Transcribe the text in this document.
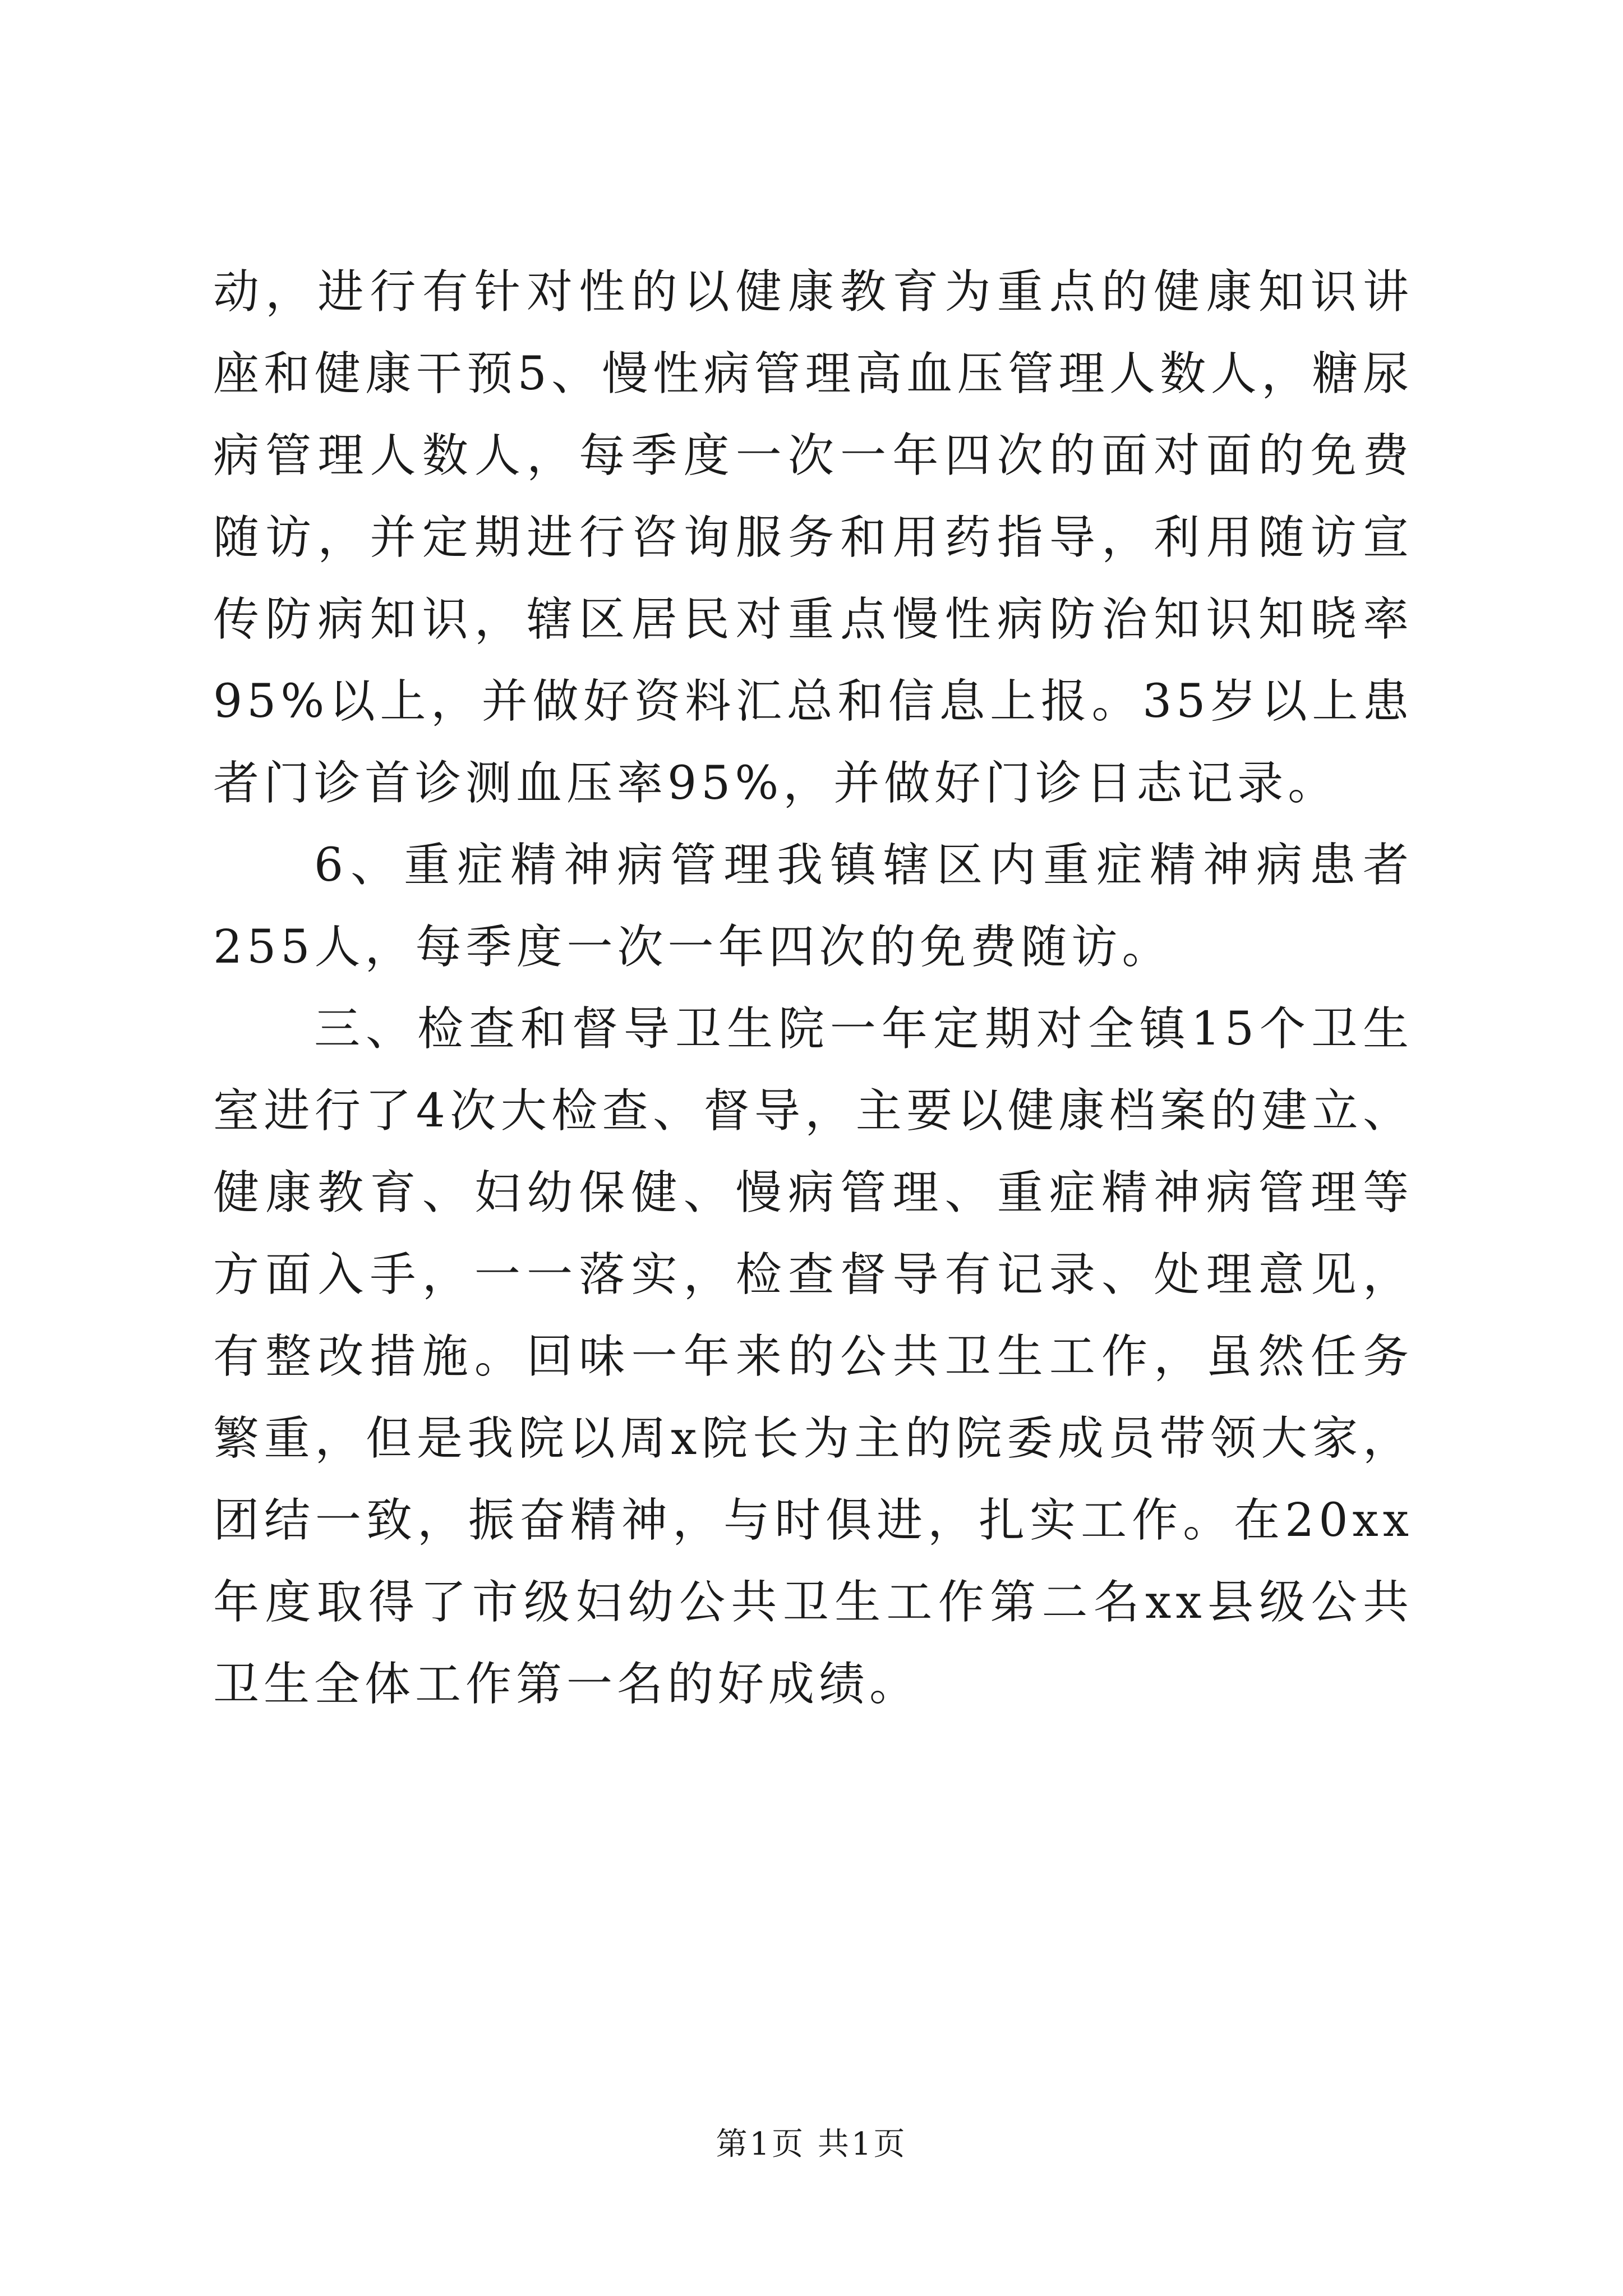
动，进行有针对性的以健康教育为重点的健康知识讲座和健康干预5、慢性病管理高血压管理人数人，糖尿病管理人数人，每季度一次一年四次的面对面的免费随访，并定期进行咨询服务和用药指导，利用随访宣传防病知识，辖区居民对重点慢性病防治知识知晓率95%以上，并做好资料汇总和信息上报。35岁以上患者门诊首诊测血压率95%，并做好门诊日志记录。

6、重症精神病管理我镇辖区内重症精神病患者255人，每季度一次一年四次的免费随访。

三、检查和督导卫生院一年定期对全镇15个卫生室进行了4次大检查、督导，主要以健康档案的建立、健康教育、妇幼保健、慢病管理、重症精神病管理等方面入手，一一落实，检查督导有记录、处理意见，有整改措施。回味一年来的公共卫生工作，虽然任务繁重，但是我院以周x院长为主的院委成员带领大家，团结一致，振奋精神，与时俱进，扎实工作。在20xx年度取得了市级妇幼公共卫生工作第二名xx县级公共卫生全体工作第一名的好成绩。

第1页 共1页
